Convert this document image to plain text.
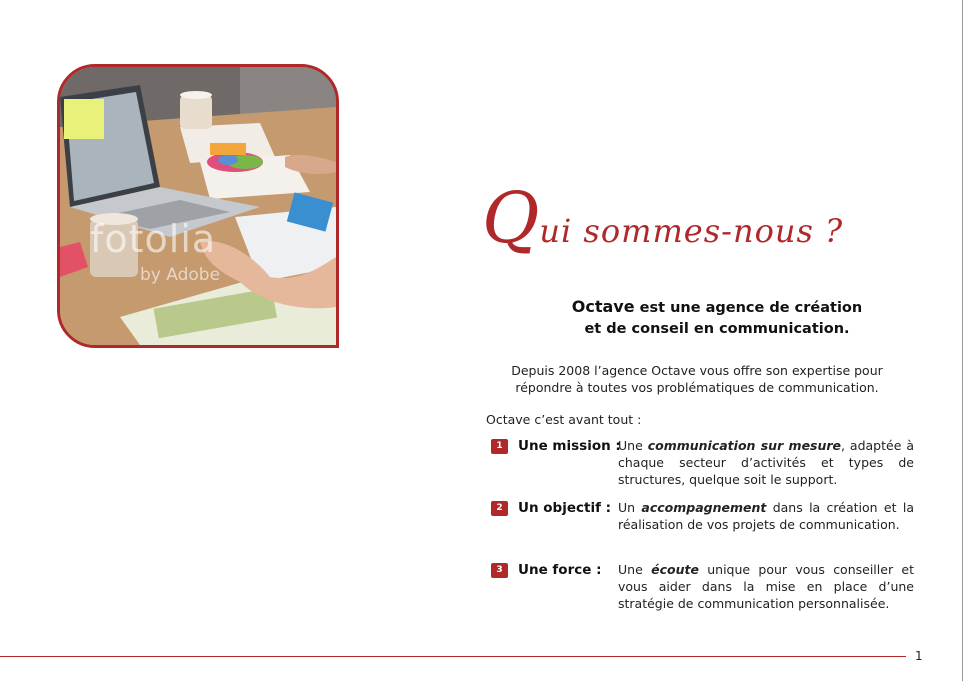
fotolia
by Adobe
Qui sommes-nous ?

Octave est une agence de création

et de conseil en communication.

Depuis 2008 l’agence Octave vous offre son expertise pour

répondre à toutes vos problématiques de communication.

Octave c’est avant tout :
1	Une mission :
Une communication sur mesure, adaptée à chaque secteur d’activités et types de structures, quelque soit le support.
2	Un objectif : Un accompagnement dans la création et la réalisation de vos projets de communication.
3	Une force : Une écoute unique pour vous conseiller et vous aider dans la mise en place d’une stratégie de communication personnalisée.
1
